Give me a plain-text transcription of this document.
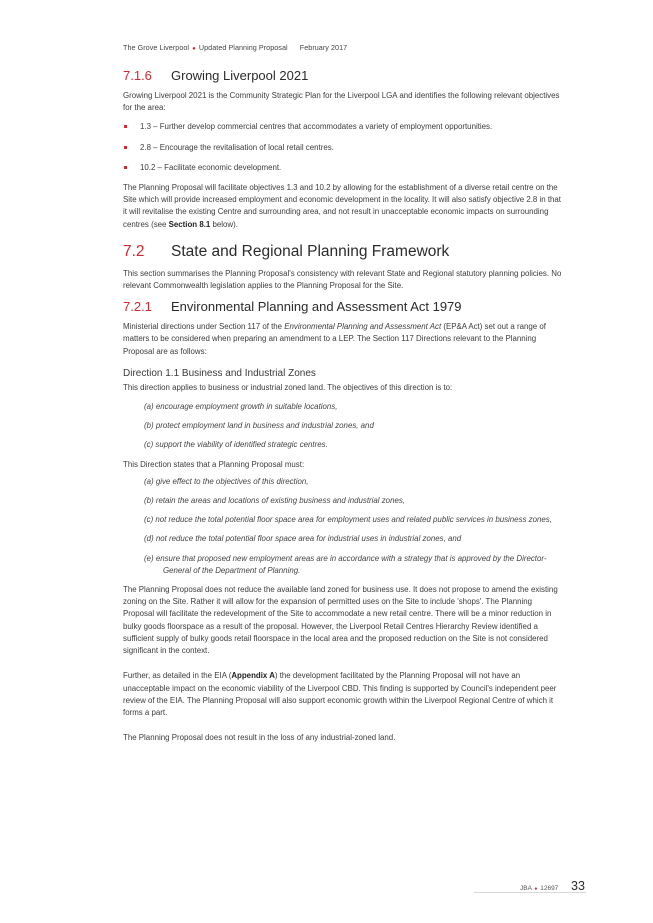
The Grove Liverpool ● Updated Planning Proposal February 2017
7.1.6 Growing Liverpool 2021

Growing Liverpool 2021 is the Community Strategic Plan for the Liverpool LGA and identifies the following relevant objectives for the area:

1.3 – Further develop commercial centres that accommodates a variety of employment opportunities.
2.8 – Encourage the revitalisation of local retail centres.
10.2 – Facilitate economic development.

The Planning Proposal will facilitate objectives 1.3 and 10.2 by allowing for the establishment of a diverse retail centre on the Site which will provide increased employment and economic development in the locality. It will also satisfy objective 2.8 in that it will revitalise the existing Centre and surrounding area, and not result in unacceptable economic impacts on surrounding centres (see Section 8.1 below).

7.2 State and Regional Planning Framework

This section summarises the Planning Proposal's consistency with relevant State and Regional statutory planning policies. No relevant Commonwealth legislation applies to the Planning Proposal for the Site.

7.2.1 Environmental Planning and Assessment Act 1979

Ministerial directions under Section 117 of the Environmental Planning and Assessment Act (EP&A Act) set out a range of matters to be considered when preparing an amendment to a LEP. The Section 117 Directions relevant to the Planning Proposal are as follows:

Direction 1.1 Business and Industrial Zones

This direction applies to business or industrial zoned land. The objectives of this direction is to:

(a) encourage employment growth in suitable locations,
(b) protect employment land in business and industrial zones, and
(c) support the viability of identified strategic centres.

This Direction states that a Planning Proposal must:

(a) give effect to the objectives of this direction,
(b) retain the areas and locations of existing business and industrial zones,
(c) not reduce the total potential floor space area for employment uses and related public services in business zones,
(d) not reduce the total potential floor space area for industrial uses in industrial zones, and
(e) ensure that proposed new employment areas are in accordance with a strategy that is approved by the Director-General of the Department of Planning.

The Planning Proposal does not reduce the available land zoned for business use. It does not propose to amend the existing zoning on the Site. Rather it will allow for the expansion of permitted uses on the Site to include 'shops'. The Planning Proposal will facilitate the redevelopment of the Site to accommodate a new retail centre. There will be a minor reduction in bulky goods floorspace as a result of the proposal. However, the Liverpool Retail Centres Hierarchy Review identified a sufficient supply of bulky goods retail floorspace in the local area and the proposed reduction on the Site is not considered significant in the context.

Further, as detailed in the EIA (Appendix A) the development facilitated by the Planning Proposal will not have an unacceptable impact on the economic viability of the Liverpool CBD. This finding is supported by Council's independent peer review of the EIA. The Planning Proposal will also support economic growth within the Liverpool Regional Centre of which it forms a part.

The Planning Proposal does not result in the loss of any industrial-zoned land.

JBA ● 12697 33
